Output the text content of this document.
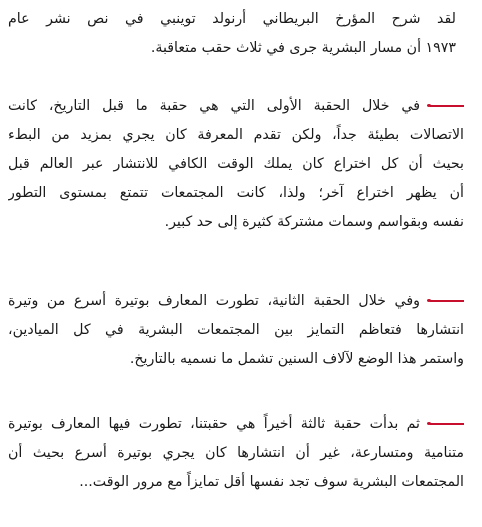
لقد شرح المؤرخ البريطاني أرنولد توينبي في نص نشر عام
١٩٧٣ أن مسار البشرية جرى في ثلاث حقب متعاقبة.
في خلال الحقبة الأولى التي هي حقبة ما قبل التاريخ، كانت
الاتصالات بطيئة جداً، ولكن تقدم المعرفة كان يجري بمزيد من البطء
بحيث أن كل اختراع كان يملك الوقت الكافي للانتشار عبر العالم قبل
أن يظهر اختراع آخر؛ ولذا، كانت المجتمعات تتمتع بمستوى التطور
نفسه وبقواسم وسمات مشتركة كثيرة إلى حد كبير.
وفي خلال الحقبة الثانية، تطورت المعارف بوتيرة أسرع من وتيرة
انتشارها فتعاظم التمايز بين المجتمعات البشرية في كل الميادين،
واستمر هذا الوضع لآلاف السنين تشمل ما نسميه بالتاريخ.
ثم بدأت حقبة ثالثة أخيراً هي حقبتنا، تطورت فيها المعارف بوتيرة
متنامية ومتسارعة، غير أن انتشارها كان يجري بوتيرة أسرع بحيث أن
المجتمعات البشرية سوف تجد نفسها أقل تمايزاً مع مرور الوقت...
